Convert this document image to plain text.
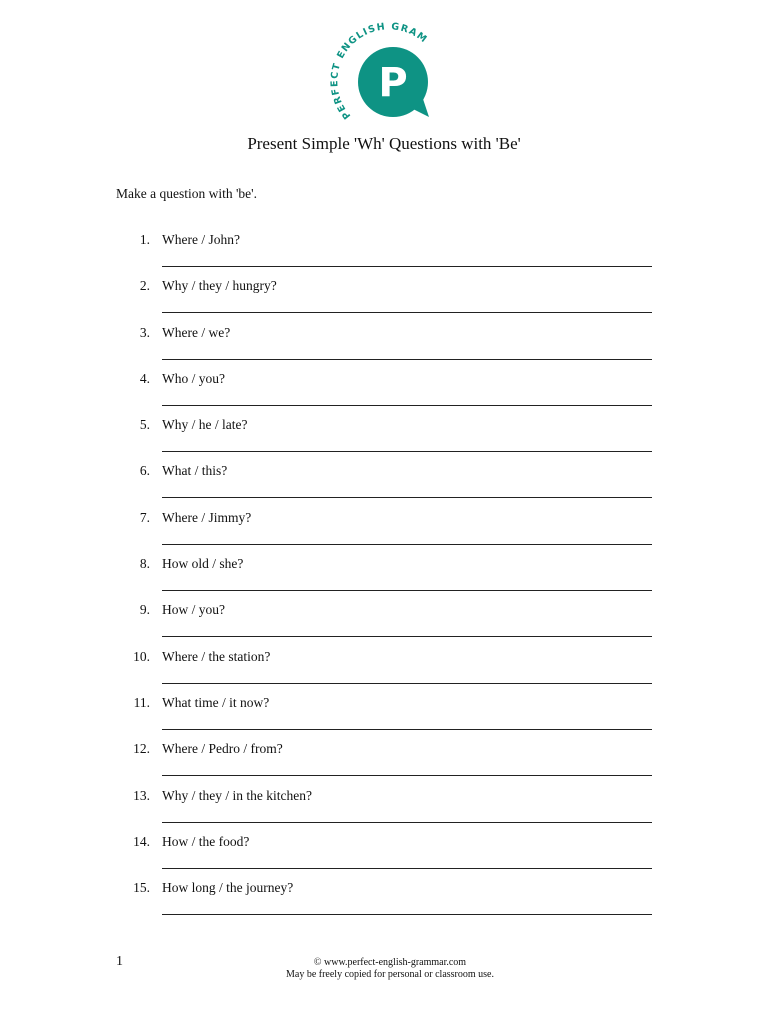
PERFECT ENGLISH GRAM
P
Present Simple 'Wh' Questions with 'Be'
Make a question with 'be'.
1. Where / John?
2. Why / they / hungry?
3. Where / we?
4. Who / you?
5. Why / he / late?
6. What / this?
7. Where / Jimmy?
8. How old / she?
9. How / you?
10. Where / the station?
11. What time / it now?
12. Where / Pedro / from?
13. Why / they / in the kitchen?
14. How / the food?
15. How long / the journey?
1	© www.perfect-english-grammar.com
May be freely copied for personal or classroom use.
